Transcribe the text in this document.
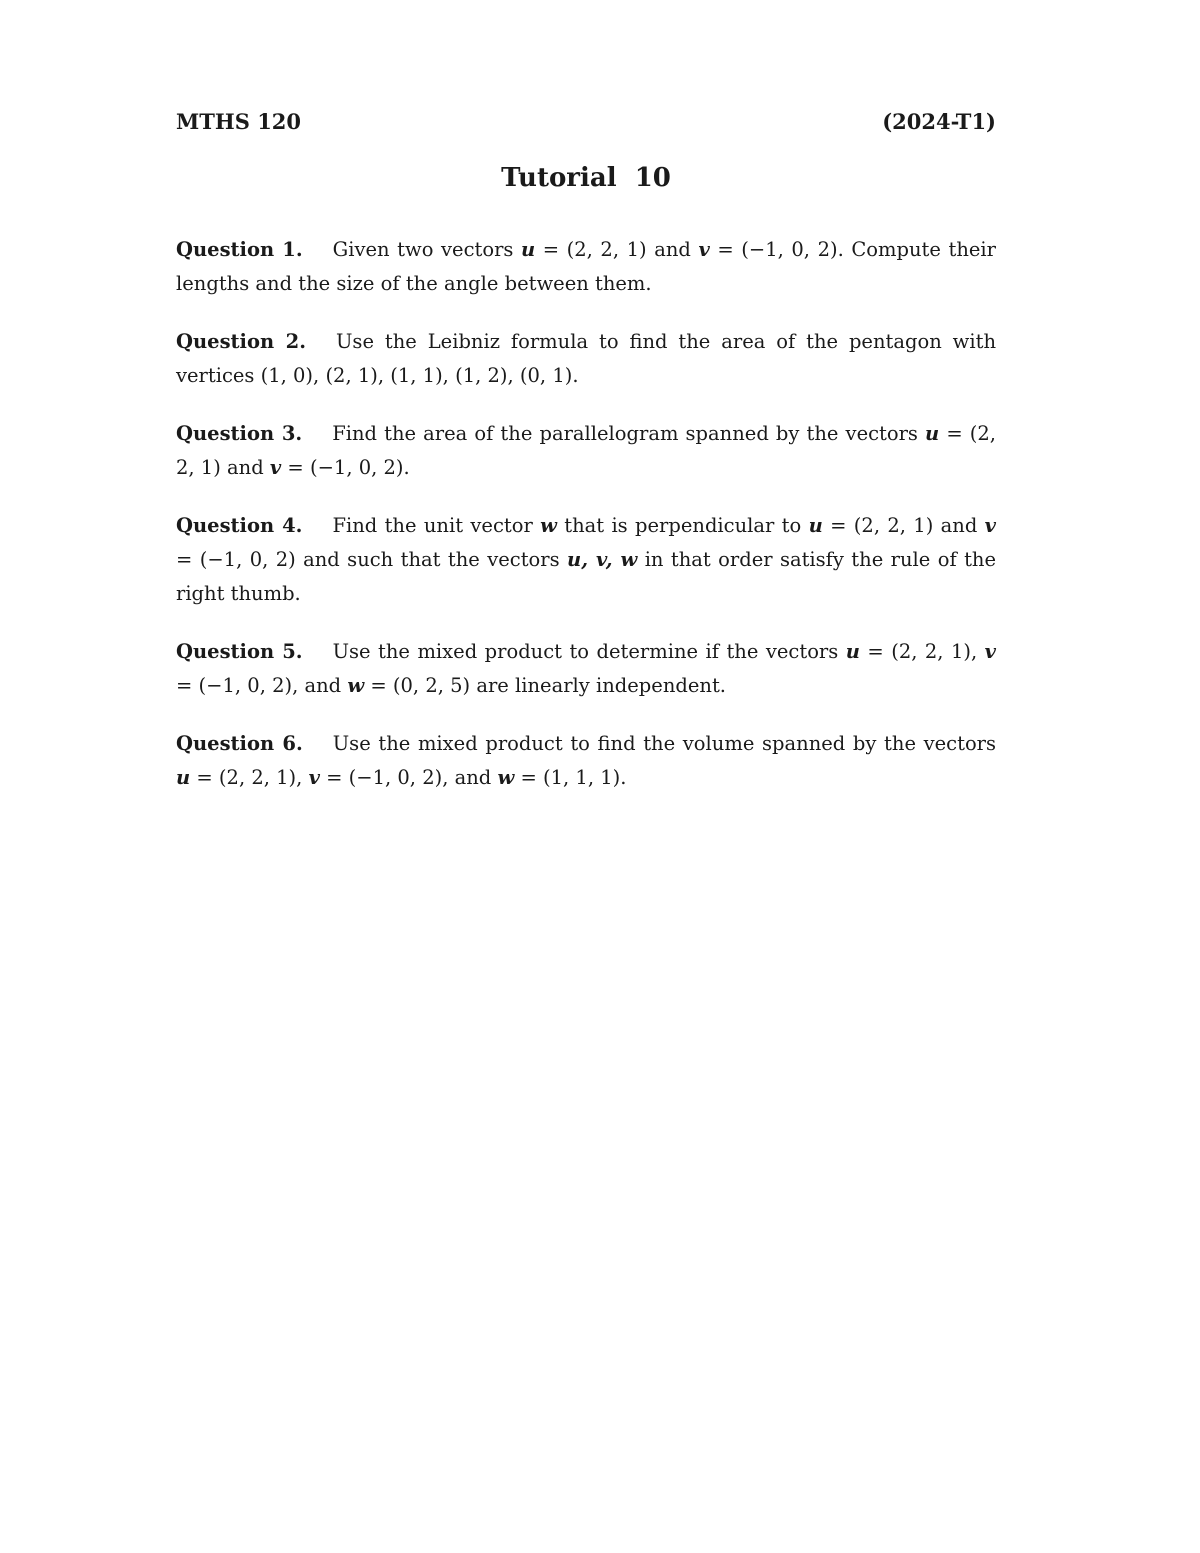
MTHS 120	(2024-T1)
Tutorial  10
Question 1. Given two vectors u = (2, 2, 1) and v = (−1, 0, 2). Compute their lengths and the size of the angle between them.
Question 2. Use the Leibniz formula to find the area of the pentagon with vertices (1, 0), (2, 1), (1, 1), (1, 2), (0, 1).
Question 3. Find the area of the parallelogram spanned by the vectors u = (2, 2, 1) and v = (−1, 0, 2).
Question 4. Find the unit vector w that is perpendicular to u = (2, 2, 1) and v = (−1, 0, 2) and such that the vectors u, v, w in that order satisfy the rule of the right thumb.
Question 5. Use the mixed product to determine if the vectors u = (2, 2, 1), v = (−1, 0, 2), and w = (0, 2, 5) are linearly independent.
Question 6. Use the mixed product to find the volume spanned by the vectors u = (2, 2, 1), v = (−1, 0, 2), and w = (1, 1, 1).
